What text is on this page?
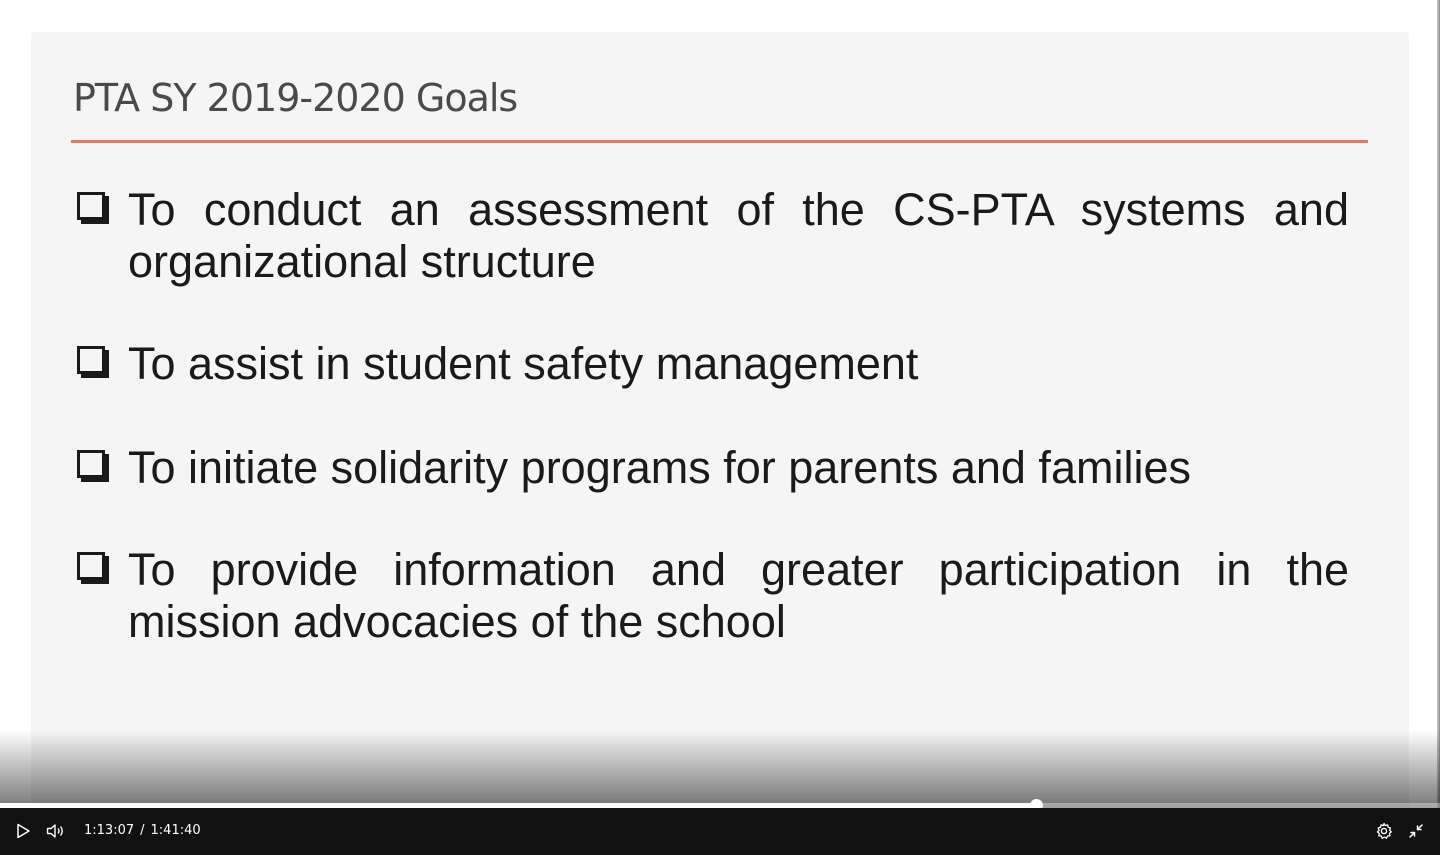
PTA SY 2019-2020 Goals
To conduct an assessment of the CS-PTA systems and organizational structure
To assist in student safety management
To initiate solidarity programs for parents and families
To provide information and greater participation in the mission advocacies of the school
1:13:07 / 1:41:40
